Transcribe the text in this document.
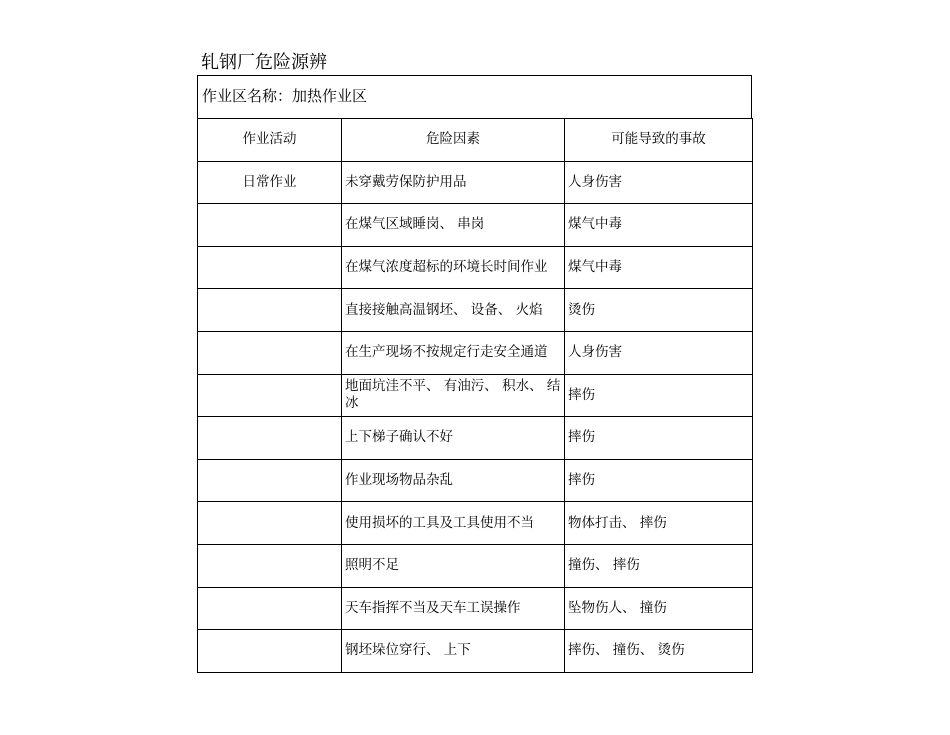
轧钢厂危险源辨
作业区名称：加热作业区
作业活动	危险因素	可能导致的事故
日常作业	未穿戴劳保防护用品	人身伤害
	在煤气区域睡岗、 串岗	煤气中毒
	在煤气浓度超标的环境长时间作业	煤气中毒
	直接接触高温钢坯、 设备、 火焰	烫伤
	在生产现场不按规定行走安全通道	人身伤害
	地面坑洼不平、 有油污、 积水、 结冰	摔伤
	上下梯子确认不好	摔伤
	作业现场物品杂乱	摔伤
	使用损坏的工具及工具使用不当	物体打击、 摔伤
	照明不足	撞伤、 摔伤
	天车指挥不当及天车工误操作	坠物伤人、 撞伤
	钢坯垛位穿行、 上下	摔伤、 撞伤、 烫伤
